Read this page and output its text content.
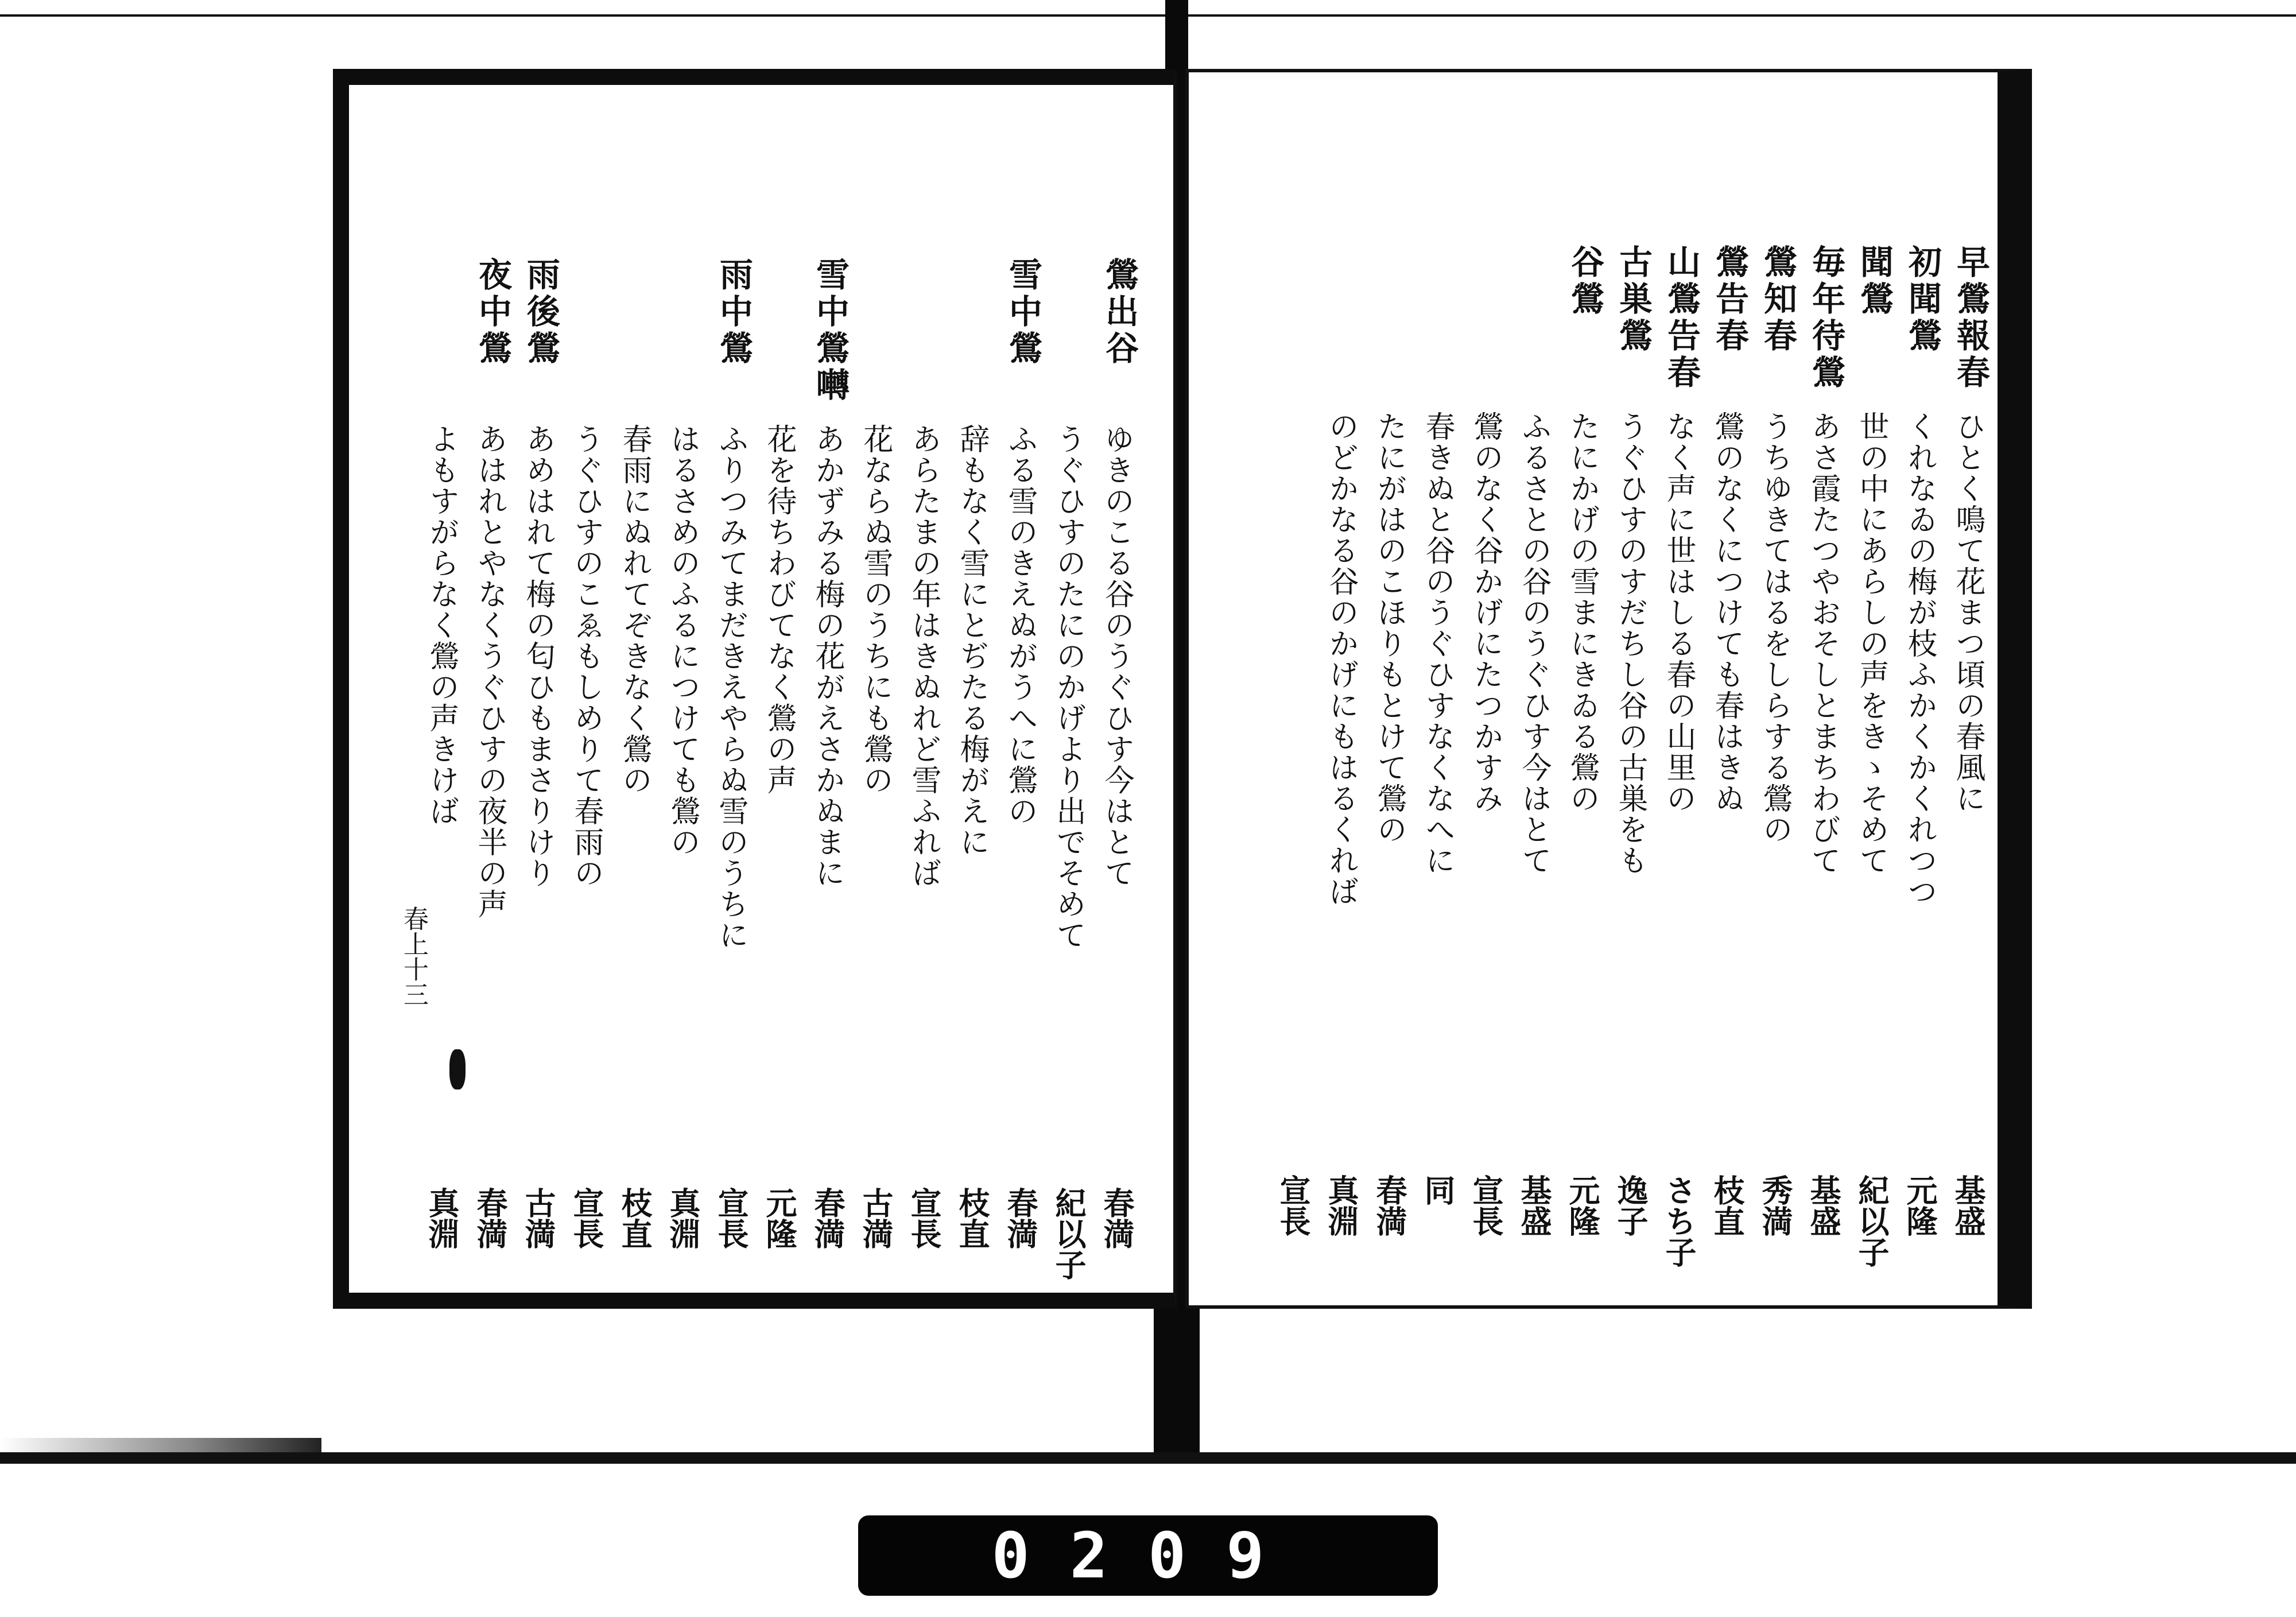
鶯出谷
ゆきのこる谷のうぐひす今はとて
春満
うぐひすのたにのかげより出でそめて
紀以子
雪中鶯
ふる雪のきえぬがうへに鶯の
春満
辞もなく雪にとぢたる梅がえに
枝直
あらたまの年はきぬれど雪ふれば
宣長
花ならぬ雪のうちにも鶯の
古満
雪中鶯囀
あかずみる梅の花がえさかぬまに
春満
花を待ちわびてなく鶯の声
元隆
雨中鶯
ふりつみてまだきえやらぬ雪のうちに
宣長
はるさめのふるにつけても鶯の
真淵
春雨にぬれてぞきなく鶯の
枝直
うぐひすのこゑもしめりて春雨の
宣長
雨後鶯
あめはれて梅の匂ひもまさりけり
古満
夜中鶯
あはれとやなくうぐひすの夜半の声
春満
よもすがらなく鶯の声きけば
真淵
春上十三
早鶯報春
ひとく鳴て花まつ頃の春風に
基盛
初聞鶯
くれなゐの梅が枝ふかくかくれつつ
元隆
聞鶯
世の中にあらしの声をきゝそめて
紀以子
毎年待鶯
あさ霞たつやおそしとまちわびて
基盛
鶯知春
うちゆきてはるをしらする鶯の
秀満
鶯告春
鶯のなくにつけても春はきぬ
枝直
山鶯告春
なく声に世はしる春の山里の
さち子
古巣鶯
うぐひすのすだちし谷の古巣をも
逸子
谷鶯
たにかげの雪まにきゐる鶯の
元隆
ふるさとの谷のうぐひす今はとて
基盛
鶯のなく谷かげにたつかすみ
宣長
春きぬと谷のうぐひすなくなへに
同
たにがはのこほりもとけて鶯の
春満
のどかなる谷のかげにもはるくれば
真淵
宣長
0209
